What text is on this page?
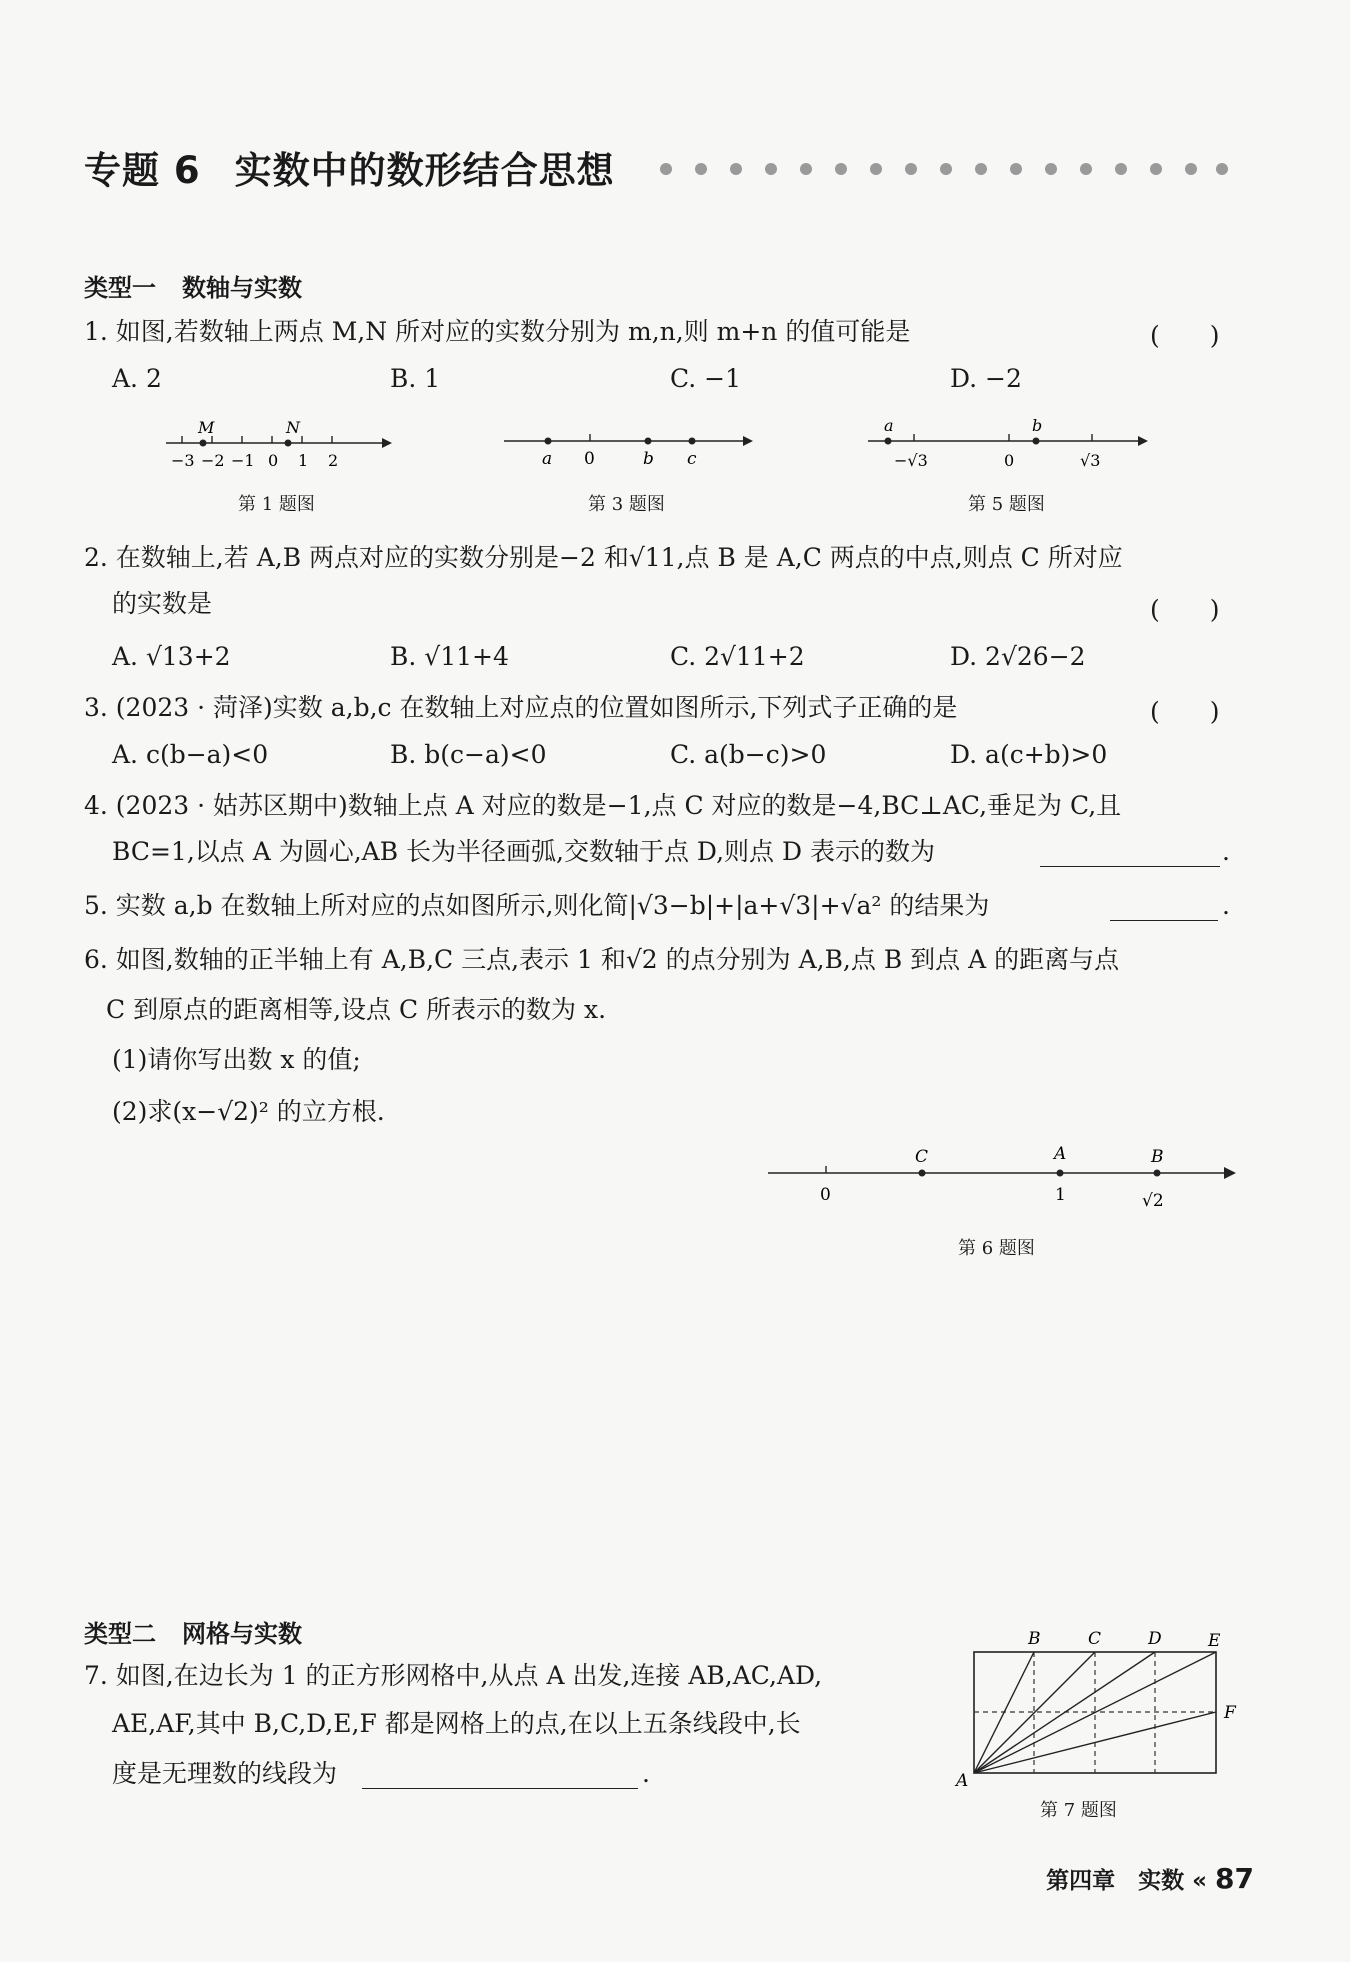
专题 6 实数中的数形结合思想
类型一 数轴与实数
1. 如图,若数轴上两点 M,N 所对应的实数分别为 m,n,则 m+n 的值可能是	(　　)
A. 2	B. 1	C. −1	D. −2
M	N
−3 −2 −1 0 1 2
第 1 题图
a 0	b c
第 3 题图
a	b
−√3	0	√3
第 5 题图
2. 在数轴上,若 A,B 两点对应的实数分别是−2 和√11,点 B 是 A,C 两点的中点,则点 C 所对应
的实数是	(　　)
A. √13+2	B. √11+4	C. 2√11+2	D. 2√26−2
3. (2023 · 菏泽)实数 a,b,c 在数轴上对应点的位置如图所示,下列式子正确的是	(　　)
A. c(b−a)<0	B. b(c−a)<0	C. a(b−c)>0	D. a(c+b)>0
4. (2023 · 姑苏区期中)数轴上点 A 对应的数是−1,点 C 对应的数是−4,BC⊥AC,垂足为 C,且
BC=1,以点 A 为圆心,AB 长为半径画弧,交数轴于点 D,则点 D 表示的数为	.
5. 实数 a,b 在数轴上所对应的点如图所示,则化简|√3−b|+|a+√3|+√a² 的结果为	.
6. 如图,数轴的正半轴上有 A,B,C 三点,表示 1 和√2 的点分别为 A,B,点 B 到点 A 的距离与点
C 到原点的距离相等,设点 C 所表示的数为 x.
(1)请你写出数 x 的值;
(2)求(x−√2)² 的立方根.
C	A	B
0	1	√2
第 6 题图
类型二 网格与实数
7. 如图,在边长为 1 的正方形网格中,从点 A 出发,连接 AB,AC,AD,
AE,AF,其中 B,C,D,E,F 都是网格上的点,在以上五条线段中,长
度是无理数的线段为	.	A
B	C	D	E
F
第 7 题图
第四章　实数 « 87
